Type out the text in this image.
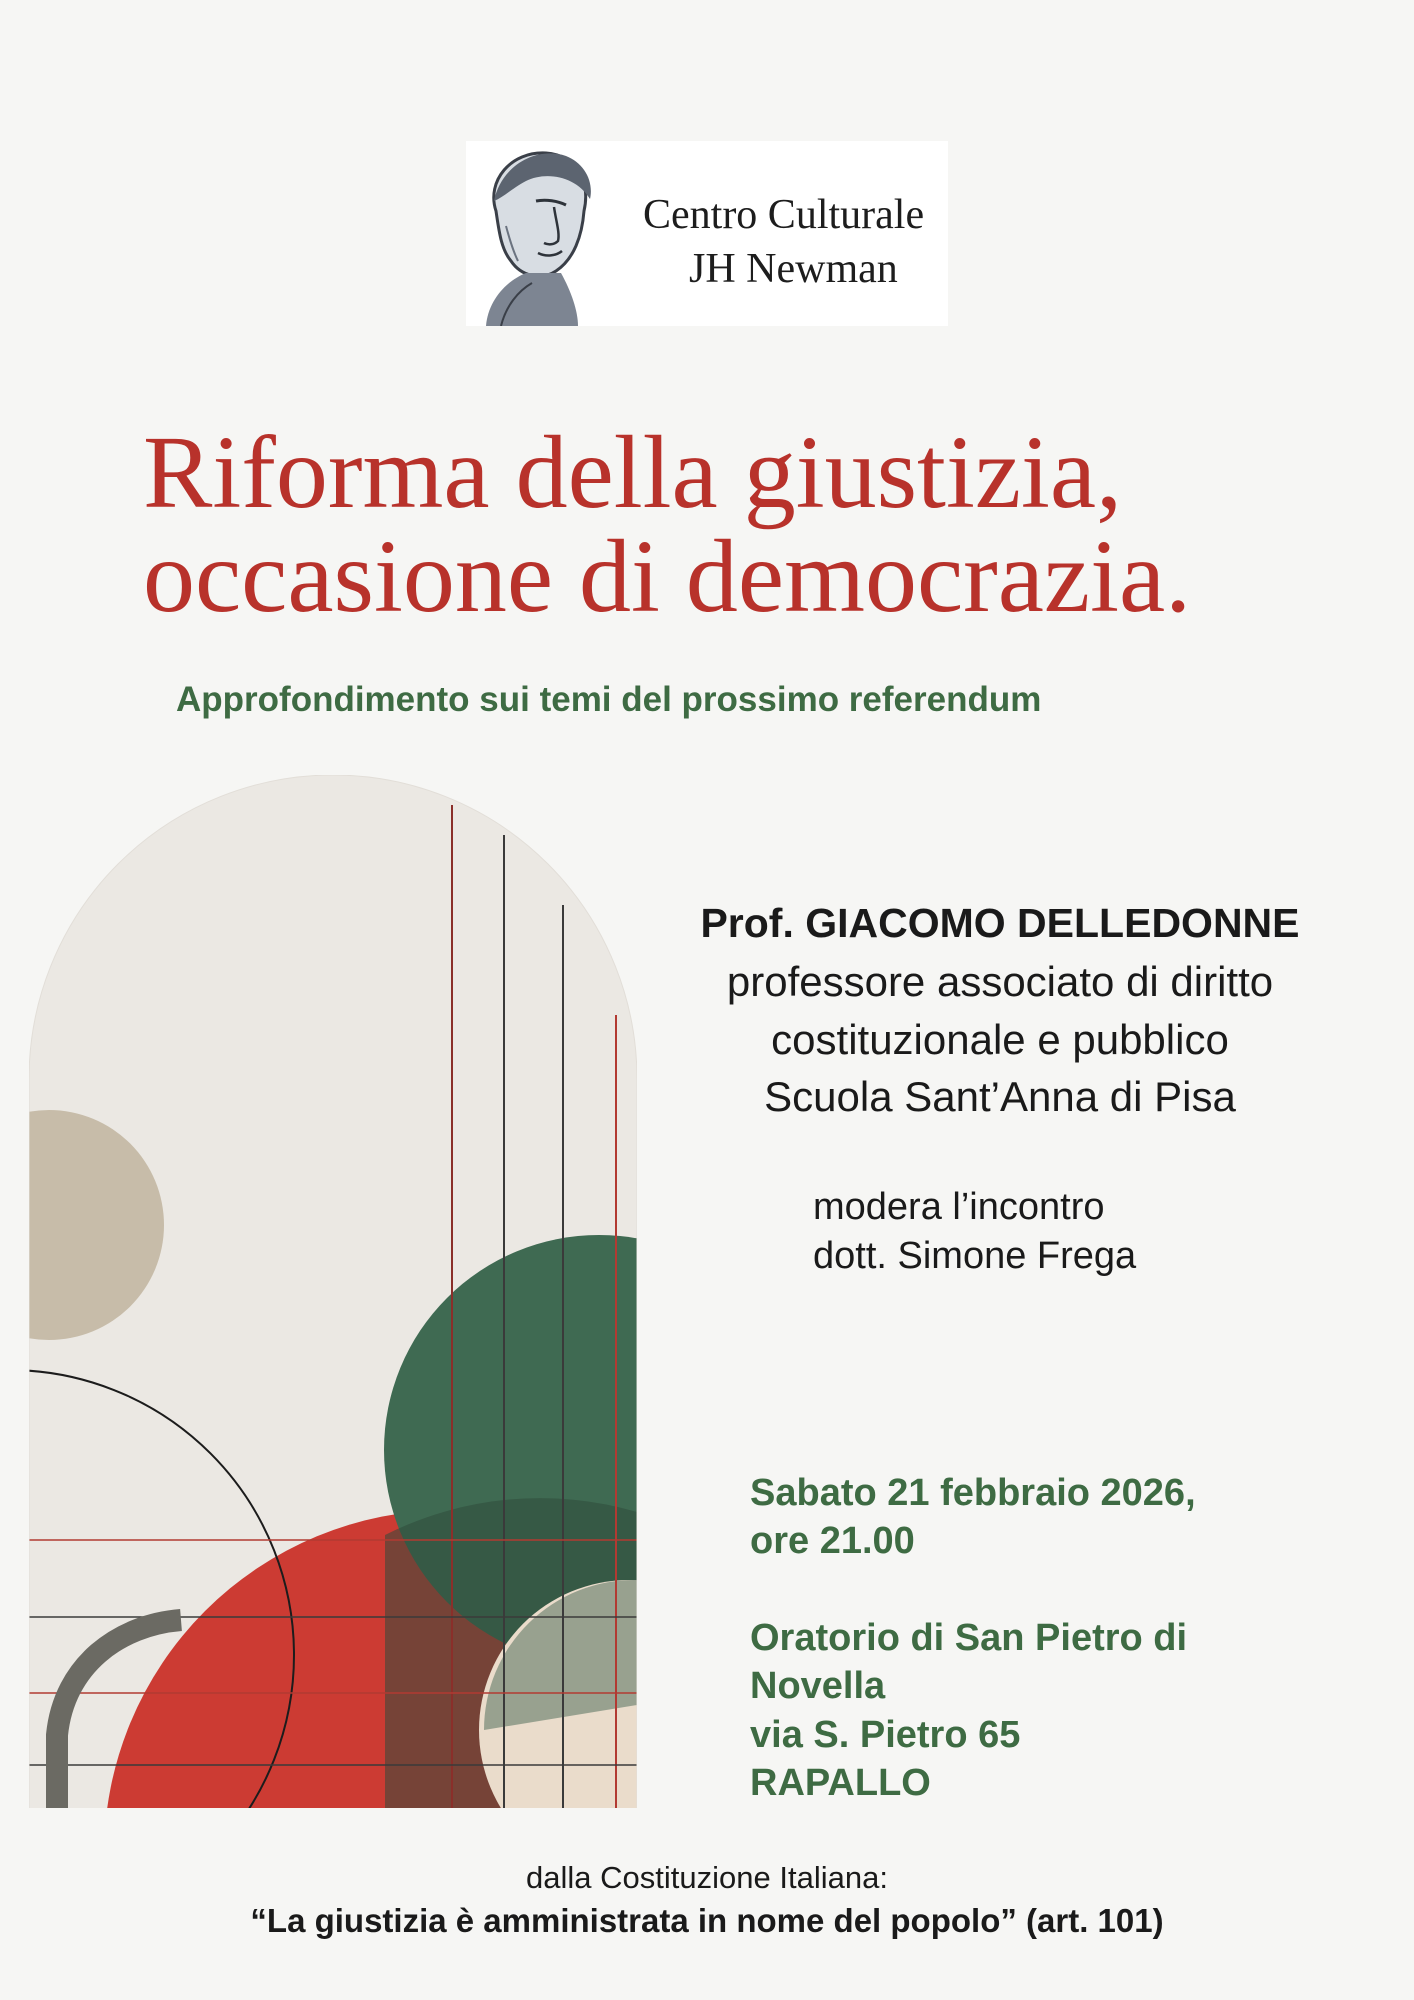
Centro Culturale
JH Newman
Riforma della giustizia,
occasione di democrazia.
Approfondimento sui temi del prossimo referendum
Prof. GIACOMO DELLEDONNE
professore associato di diritto
costituzionale e pubblico
Scuola Sant’Anna di Pisa
modera l’incontro
dott. Simone Frega
Sabato 21 febbraio 2026,
ore 21.00
Oratorio di San Pietro di
Novella
via S. Pietro 65
RAPALLO
dalla Costituzione Italiana:
“La giustizia è amministrata in nome del popolo” (art. 101)
